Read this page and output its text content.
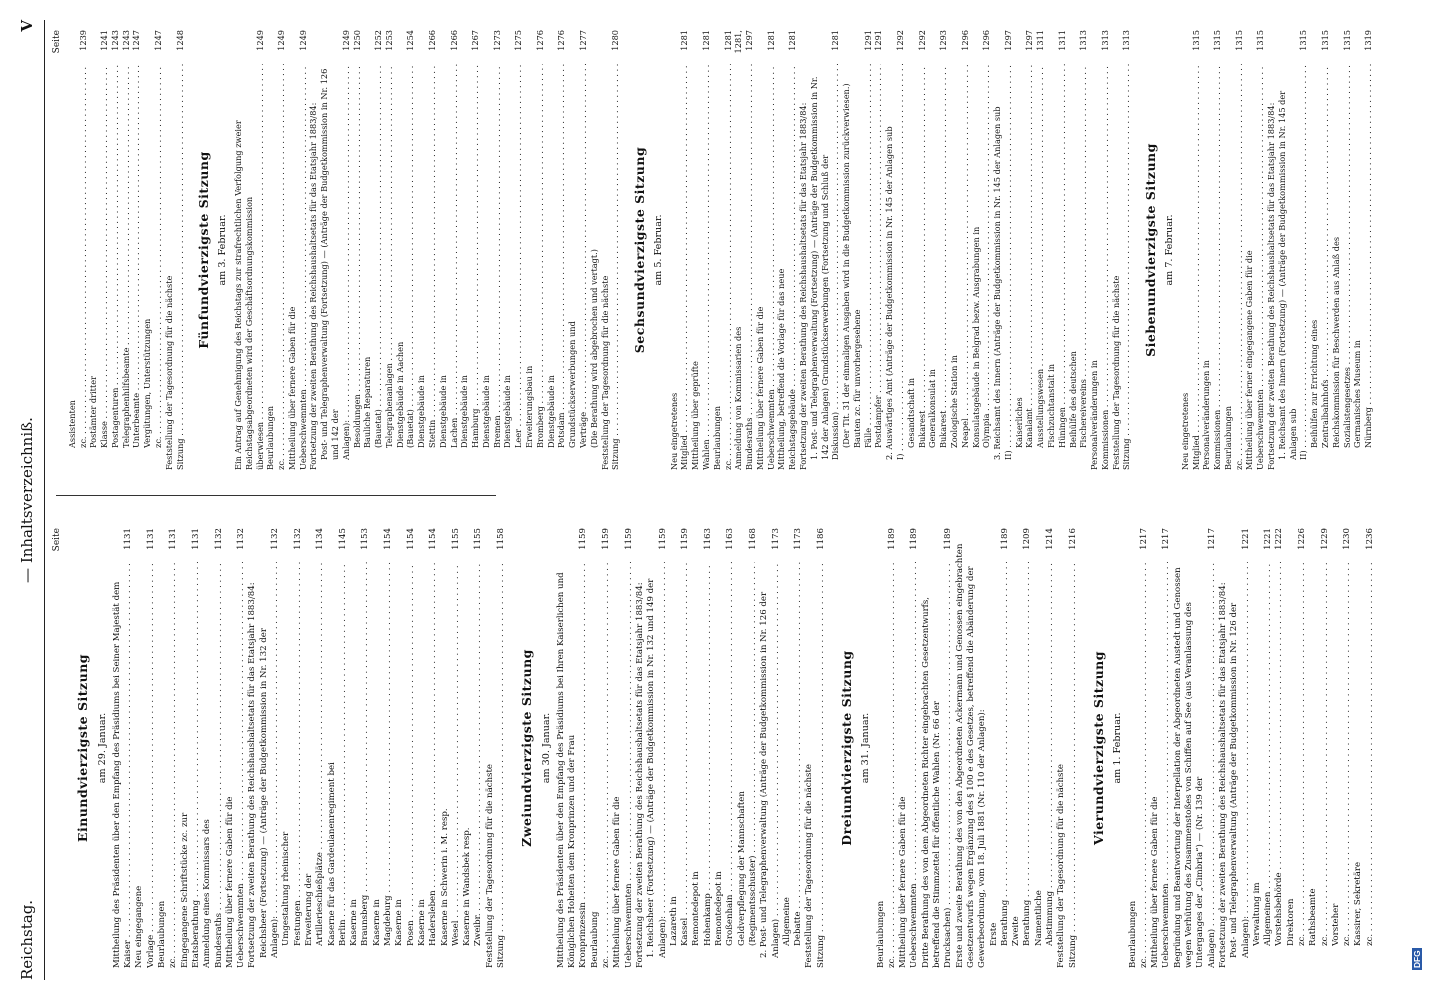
Reichstag.
— Inhaltsverzeichniß.
V
Seite
Einundvierzigste Sitzung am 29. Januar. Mittheilung des Präsidenten über den Empfang des Präsidiums bei Seiner Majestät dem Kaiser . . .
1131
Neu eingegangene Vorlage . . .
1131
Beurlaubungen zc. . . .
1131
Eingegangene Schriftstücke zc. zur Etatsberathung . . .
1131
Anmeldung eines Kommissars des Bundesraths . . .
1132
Mittheilung über fernere Gaben für die Ueberschwemmten . . .
1132
Fortsetzung der zweiten Berathung des Reichshaushaltsetats für das Etatsjahr 1883/84: Reichsheer (Fortsetzung) — (Anträge der Budgetkommission in Nr. 132 der Anlagen): . . .
1132
Umgestaltung rheinischer Festungen . . .
1132
Erweiterung der Artillerieschießplätze . . .
1134
Kaserne für das Gardeulanenregiment bei Berlin . . .
1145
Kaserne in Braunsberg . . .
1153
Kaserne in Magdeburg . . .
1154
Kaserne in Posen . . .
1154
Kaserne in Hadersleben . . .
1154
Kaserne in Schwerin i. M. resp. Wesel . . .
1155
Kaserne in Wandsbek resp. Zweibr. . . .
1155
Feststellung der Tagesordnung für die nächste Sitzung . . .
1158
Zweiundvierzigste Sitzung am 30. Januar. Mittheilung des Präsidenten über den Empfang des Präsidiums bei Ihren Kaiserlichen und Königlichen Hoheiten dem Kronprinzen und der Frau Kronprinzessin . . .
1159
Beurlaubung zc. . . .
1159
Mittheilung über fernere Gaben für die Ueberschwemmten . . .
1159
Fortsetzung der zweiten Berathung des Reichshaushaltsetats für das Etatsjahr 1883/84: 1. Reichsheer (Fortsetzung) — (Anträge der Budgetkommission in Nr. 132 und 149 der Anlagen): . . .
1159
Lazareth in Kassel . . .
1159
Remontedepot in Hohenkamp . . .
1163
Remontedepot in Großenhain . . .
1163
Geldverpflegung der Mannschaften (Regimentsschuster) . . .
1168
2. Post- und Telegraphenverwaltung (Anträge der Budgetkommission in Nr. 126 der Anlagen) . . .
1173
Allgemeine Debatte . . .
1173
Feststellung der Tagesordnung für die nächste Sitzung . . .
1186
Dreiundvierzigste Sitzung am 31. Januar.
Beurlaubungen zc. . . .
1189
Mittheilung über fernere Gaben für die Ueberschwemmten . . .
1189
Dritte Berathung des von dem Abgeordneten Richter eingebrachten Gesetzentwurfs, betreffend die Stimmzettel für öffentliche Wahlen (Nr. 66 der Drucksachen) . . .
1189
Erste und zweite Berathung des von den Abgeordneten Ackermann und Genossen eingebrachten Gesetzentwurfs wegen Ergänzung des § 100 e des Gesetzes, betreffend die Abänderung der Gewerbeordnung, vom 18. Juli 1881 (Nr. 110 der Anlagen): Erste Berathung . . .
1189
Zweite Berathung . . .
1209
Namentliche Abstimmung . . .
1214
Feststellung der Tagesordnung für die nächste Sitzung . . .
1216
Vierundvierzigste Sitzung am 1. Februar.
Beurlaubungen zc. . . .
1217
Mittheilung über fernere Gaben für die Ueberschwemmten . . .
1217
Begründung und Beantwortung der Interpellation der Abgeordneten Austedt und Genossen wegen Verhütung des Zusammenstoßes von Schiffen auf See (aus Veranlassung des Unterganges der „Cimbria“) — (Nr. 139 der Anlagen) . . .
1217
Fortsetzung der zweiten Berathung des Reichshaushaltsetats für das Etatsjahr 1883/84: Post- und Telegraphenverwaltung (Anträge der Budgetkommission in Nr. 126 der Anlagen): . . .
1221
Verwaltung im Allgemeinen . . .
1221
Vorstehsbehörde . . .
1222
Direktoren zc. . . .
1226
Rathsbeamte zc. . . .
1229
Vorsteher zc. . . .
1230
Kassirer, Sekretäre zc. . . .
1236
Seite
Assistenten zc. . . .
1239
Postämter dritter Klasse . . .
1241
Postagenturen . . .
1243
Telegraphenhilfsbeamte . . .
1243
Unterbeamte . . .
1247
Vergütungen, Unterstützungen zc. . . .
1247
Feststellung der Tagesordnung für die nächste Sitzung . . .
1248
Fünfundvierzigste Sitzung am 3. Februar. Ein Antrag auf Genehmigung des Reichstags zur strafrechtlichen Verfolgung zweier Reichstagsabgeordneten wird der Geschäftsordnungskommission überwiesen . . .
1249
Beurlaubungen zc. . . .
1249
Mittheilung über fernere Gaben für die Ueberschwemmten . . .
1249
Fortsetzung der zweiten Berathung des Reichshaushaltsetats für das Etatsjahr 1883/84: Post- und Telegraphenverwaltung (Fortsetzung) — (Anträge der Budgetkommission in Nr. 126 und 142 der Anlagen): . . .
1249
Besoldungen . . .
1250
Bauliche Reparaturen (Bauetat) . . .
1252
Telegraphenanlagen . . .
1253
Dienstgebäude in Aachen (Bauetat) . . .
1254
Dienstgebäude in Stettin . . .
1266
Dienstgebäude in Lachen . . .
1266
Dienstgebäude in Hamburg . . .
1267
Dienstgebäude in Bremen . . .
1273
Dienstgebäude in Leer . . .
1275
Erweiterungsbau in Bromberg . . .
1276
Dienstgebäude in Potsdam . . .
1276
Grundstückserwerbungen und Verträge . . .
1277
(Die Berathung wird abgebrochen und vertagt.) Feststellung der Tagesordnung für die nächste Sitzung . . .
1280
Sechsundvierzigste Sitzung am 5. Februar.
Neu eingetretenes Mitglied . . .
1281
Mittheilung über geprüfte Wahlen . . .
1281
Beurlaubungen zc. . . .
1281
Anmeldung von Kommissarien des Bundesraths . . .
1281, 1297
Mittheilung über fernere Gaben für die Ueberschwemmten . . .
1281
Mittheilung, betreffend die Vorlage für das neue Reichstagsgebäude . . .
1281
Fortsetzung der zweiten Berathung des Reichshaushaltsetats für das Etatsjahr 1883/84: 1. Post- und Telegraphenverwaltung (Fortsetzung) — (Anträge der Budgetkommission in Nr. 142 der Anlagen) Grundstückserwerbungen (Fortsetzung und Schluß der Diskussion) . . .
1281
(Der Tit. 31 der einmaligen Ausgaben wird in die Budgetkommission zurückverwiesen.) Bauten zc. für unvorhergesehene Fälle . . .
1291
Postdampfer . . .
1291
2. Auswärtiges Amt (Anträge der Budgetkommission in Nr. 145 der Anlagen sub I) . . .
1292
Gesandtschaft in Bukarest . . .
1292
Generalkonsulat in Bukarest . . .
1293
Zoologische Station in Neapel . . .
1296
Konsulatsgebäude in Belgrad bezw. Ausgrabungen in Olympia . . .
1296
3. Reichsamt des Innern (Anträge der Budgetkommission in Nr. 145 der Anlagen sub II) . . .
1297
Kaiserliches Kanalamt . . .
1297
Ausstellungswesen . . .
1311
Fischzuchtanstalt in Hüningen . . .
1311
Beihülfe des deutschen Fischereivereins . . .
1313
Personalveränderungen in Kommissionen . . .
1313
Feststellung der Tagesordnung für die nächste Sitzung . . .
1313
Siebenundvierzigste Sitzung am 7. Februar.
Neu eingetretenes Mitglied . . .
1315
Personalveränderungen in Kommissionen . . .
1315
Beurlaubungen zc. . . .
1315
Mittheilung über ferner eingegangene Gaben für die Ueberschwemmten . . .
1315
Fortsetzung der zweiten Berathung des Reichshaushaltsetats für das Etatsjahr 1883/84: 1. Reichsamt des Innern (Fortsetzung) — (Anträge der Budgetkommission in Nr. 145 der Anlagen sub II) . . .
1315
Beihülfen zur Errichtung eines Zentralbahnhofs . . .
1315
Reichskommission für Beschwerden aus Anlaß des Sozialistengesetzes . . .
1315
Germanisches Museum in Nürnberg . . .
1319
DFG
